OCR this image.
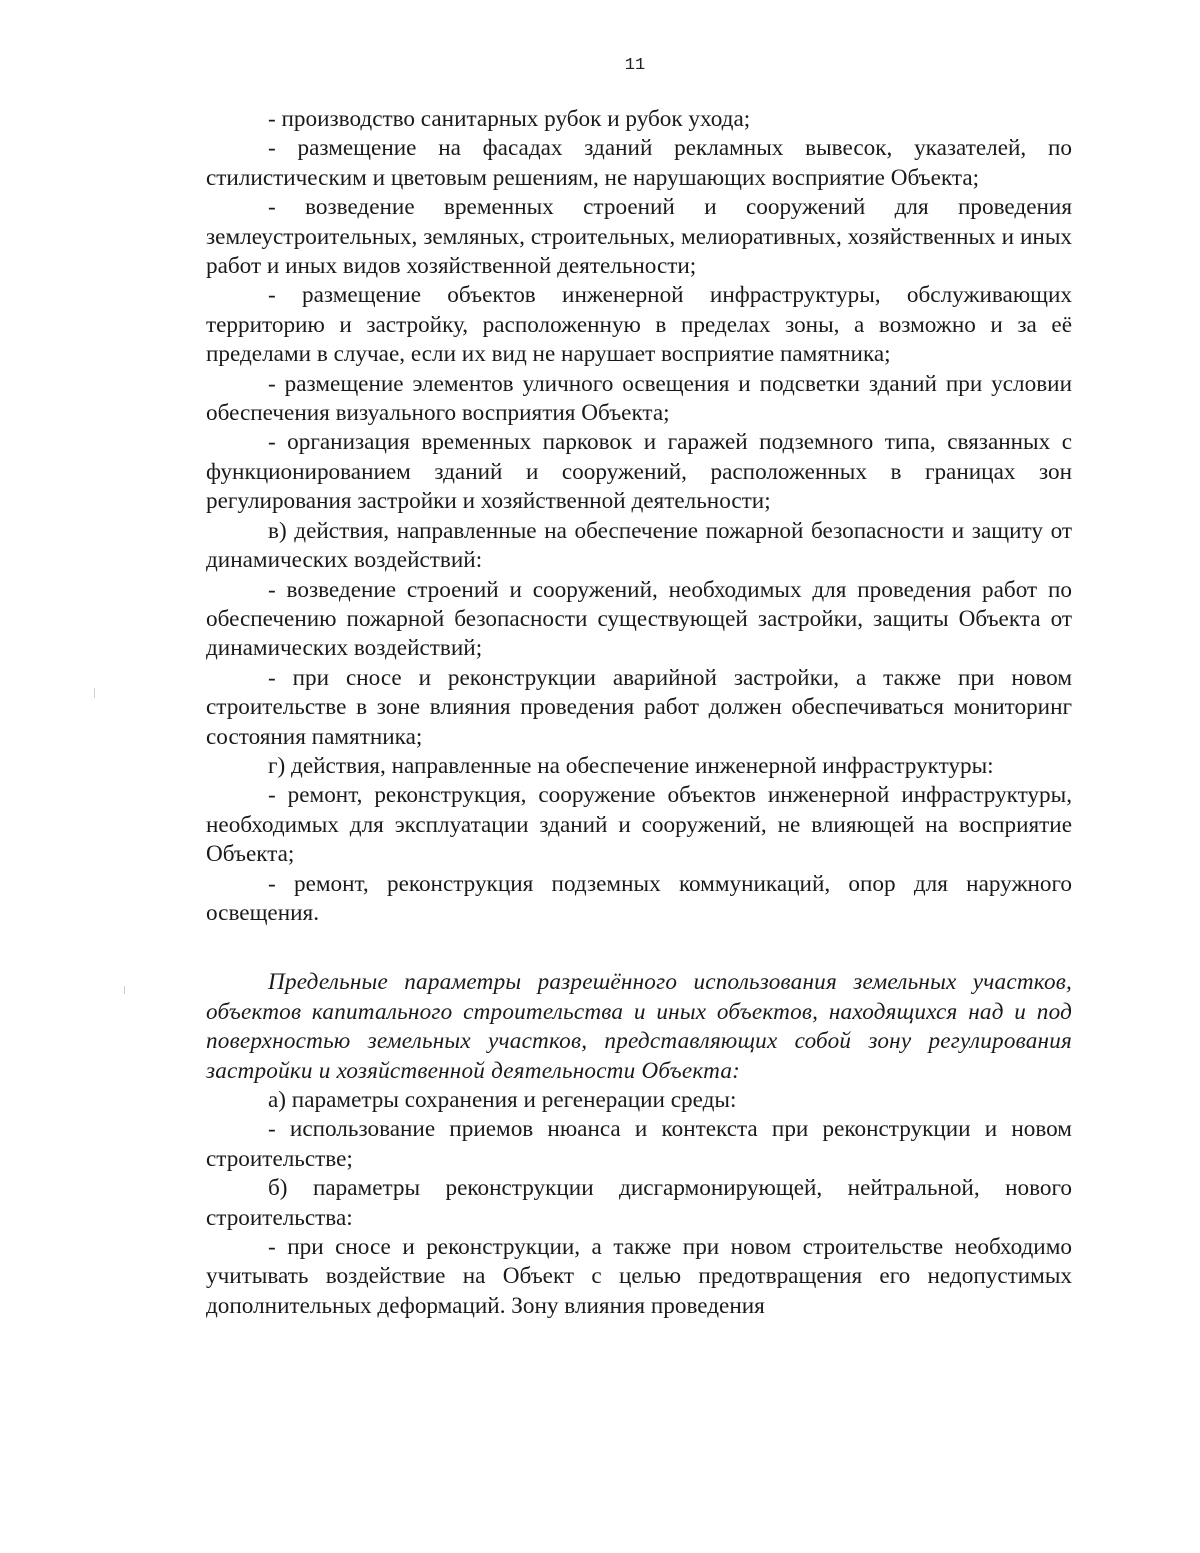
11

- производство санитарных рубок и рубок ухода;

- размещение на фасадах зданий рекламных вывесок, указателей, по стилистическим и цветовым решениям, не нарушающих восприятие Объекта;

- возведение временных строений и сооружений для проведения землеустроительных, земляных, строительных, мелиоративных, хозяйственных и иных работ и иных видов хозяйственной деятельности;

- размещение объектов инженерной инфраструктуры, обслуживающих территорию и застройку, расположенную в пределах зоны, а возможно и за её пределами в случае, если их вид не нарушает восприятие памятника;

- размещение элементов уличного освещения и подсветки зданий при условии обеспечения визуального восприятия Объекта;

- организация временных парковок и гаражей подземного типа, связанных с функционированием зданий и сооружений, расположенных в границах зон регулирования застройки и хозяйственной деятельности;

в) действия, направленные на обеспечение пожарной безопасности и защиту от динамических воздействий:

- возведение строений и сооружений, необходимых для проведения работ по обеспечению пожарной безопасности существующей застройки, защиты Объекта от динамических воздействий;

- при сносе и реконструкции аварийной застройки, а также при новом строительстве в зоне влияния проведения работ должен обеспечиваться мониторинг состояния памятника;

г) действия, направленные на обеспечение инженерной инфраструктуры:

- ремонт, реконструкция, сооружение объектов инженерной инфраструктуры, необходимых для эксплуатации зданий и сооружений, не влияющей на восприятие Объекта;

- ремонт, реконструкция подземных коммуникаций, опор для наружного освещения.

Предельные параметры разрешённого использования земельных участков, объектов капитального строительства и иных объектов, находящихся над и под поверхностью земельных участков, представляющих собой зону регулирования застройки и хозяйственной деятельности Объекта:

а) параметры сохранения и регенерации среды:

- использование приемов нюанса и контекста при реконструкции и новом строительстве;

б) параметры реконструкции дисгармонирующей, нейтральной, нового строительства:

- при сносе и реконструкции, а также при новом строительстве необходимо учитывать воздействие на Объект с целью предотвращения его недопустимых дополнительных деформаций. Зону влияния проведения
